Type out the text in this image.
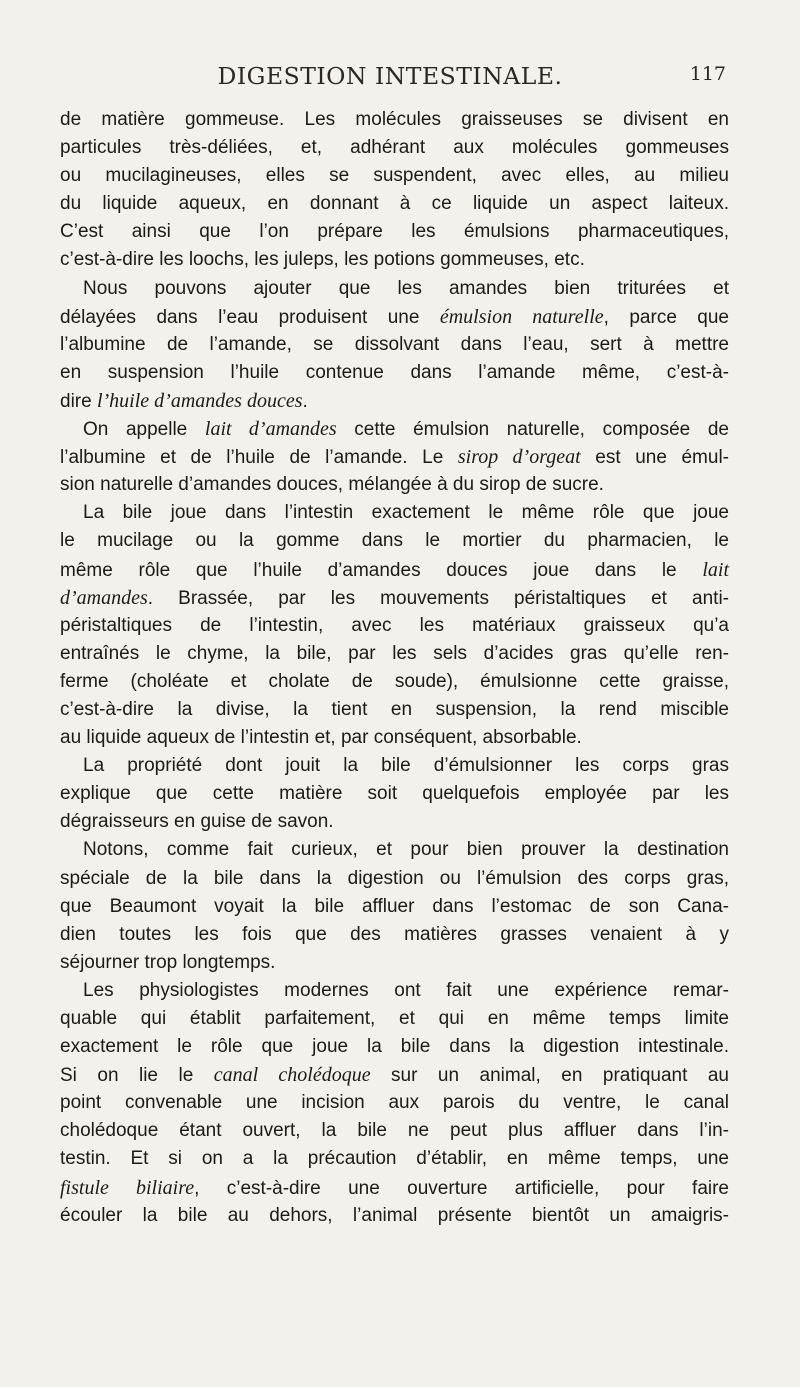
DIGESTION INTESTINALE.	117
de matière gommeuse. Les molécules graisseuses se divisent en
particules très-déliées, et, adhérant aux molécules gommeuses
ou mucilagineuses, elles se suspendent, avec elles, au milieu
du liquide aqueux, en donnant à ce liquide un aspect laiteux.
C’est ainsi que l’on prépare les émulsions pharmaceutiques,
c’est-à-dire les loochs, les juleps, les potions gommeuses, etc.
Nous pouvons ajouter que les amandes bien triturées et
délayées dans l’eau produisent une émulsion naturelle, parce que
l’albumine de l’amande, se dissolvant dans l’eau, sert à mettre
en suspension l’huile contenue dans l’amande même, c’est-à-
dire l’huile d’amandes douces.
On appelle lait d’amandes cette émulsion naturelle, composée de
l’albumine et de l’huile de l’amande. Le sirop d’orgeat est une émul-
sion naturelle d’amandes douces, mélangée à du sirop de sucre.
La bile joue dans l’intestin exactement le même rôle que joue
le mucilage ou la gomme dans le mortier du pharmacien, le
même rôle que l’huile d’amandes douces joue dans le lait
d’amandes. Brassée, par les mouvements péristaltiques et anti-
péristaltiques de l’intestin, avec les matériaux graisseux qu’a
entraînés le chyme, la bile, par les sels d’acides gras qu’elle ren-
ferme (choléate et cholate de soude), émulsionne cette graisse,
c’est-à-dire la divise, la tient en suspension, la rend miscible
au liquide aqueux de l’intestin et, par conséquent, absorbable.
La propriété dont jouit la bile d’émulsionner les corps gras
explique que cette matière soit quelquefois employée par les
dégraisseurs en guise de savon.
Notons, comme fait curieux, et pour bien prouver la destination
spéciale de la bile dans la digestion ou l’émulsion des corps gras,
que Beaumont voyait la bile affluer dans l’estomac de son Cana-
dien toutes les fois que des matières grasses venaient à y
séjourner trop longtemps.
Les physiologistes modernes ont fait une expérience remar-
quable qui établit parfaitement, et qui en même temps limite
exactement le rôle que joue la bile dans la digestion intestinale.
Si on lie le canal cholédoque sur un animal, en pratiquant au
point convenable une incision aux parois du ventre, le canal
cholédoque étant ouvert, la bile ne peut plus affluer dans l’in-
testin. Et si on a la précaution d’établir, en même temps, une
fistule biliaire, c’est-à-dire une ouverture artificielle, pour faire
écouler la bile au dehors, l’animal présente bientôt un amaigris-
